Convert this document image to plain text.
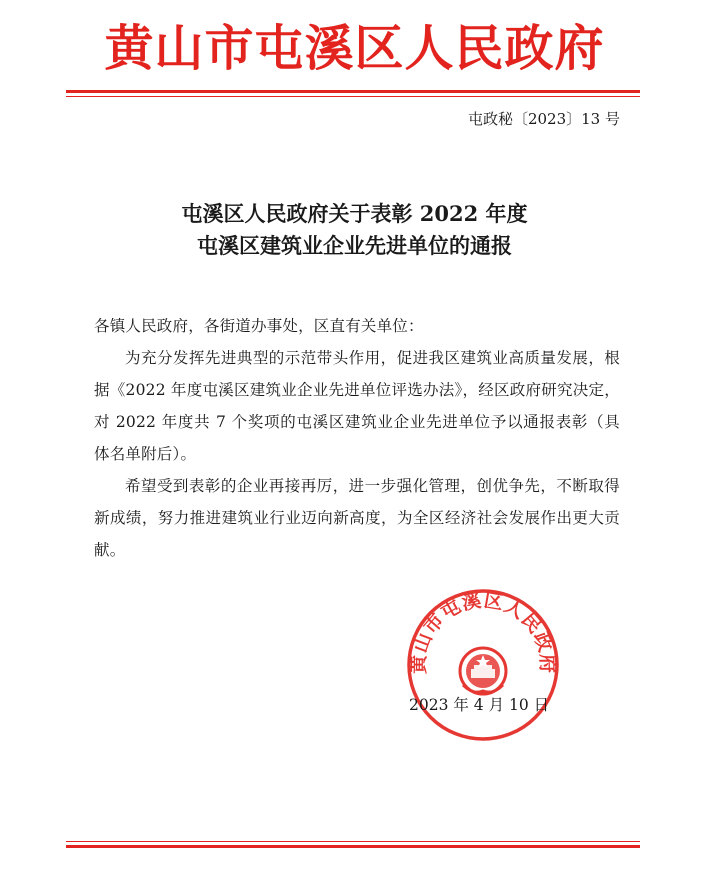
黄山市屯溪区人民政府
屯政秘〔2023〕13 号
屯溪区人民政府关于表彰 2022 年度
屯溪区建筑业企业先进单位的通报
各镇人民政府，各街道办事处，区直有关单位：
为充分发挥先进典型的示范带头作用，促进我区建筑业高质量发展，根据《2022 年度屯溪区建筑业企业先进单位评选办法》，经区政府研究决定，对 2022 年度共 7 个奖项的屯溪区建筑业企业先进单位予以通报表彰（具体名单附后）。
希望受到表彰的企业再接再厉，进一步强化管理，创优争先，不断取得新成绩，努力推进建筑业行业迈向新高度，为全区经济社会发展作出更大贡献。
黄山市屯溪区人民政府
2023 年 4 月 10 日
